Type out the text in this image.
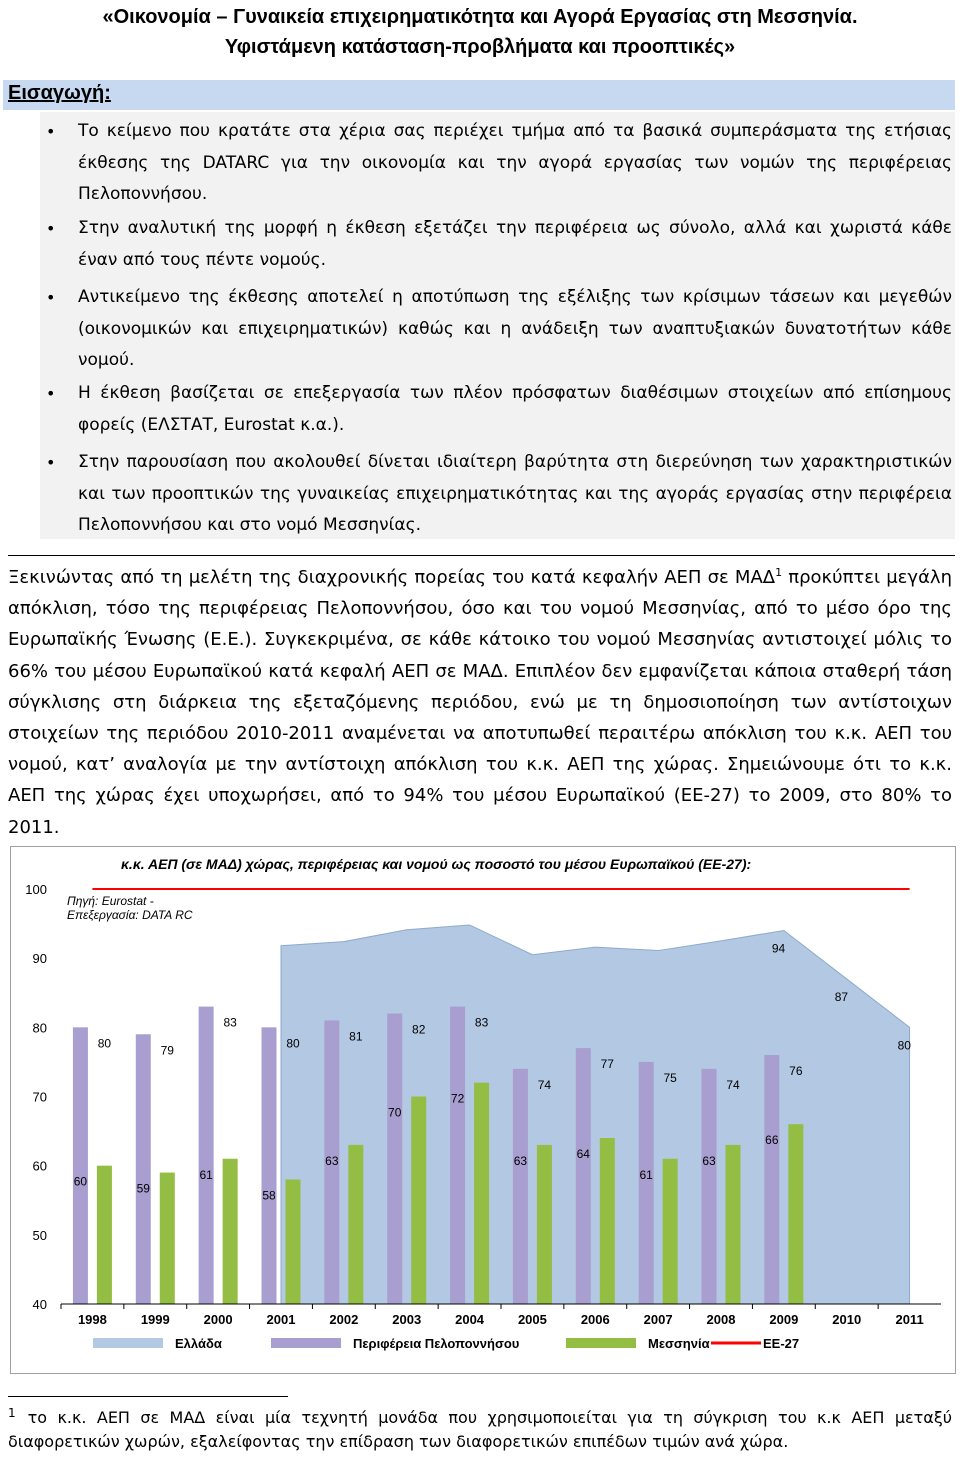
«Οικονομία – Γυναικεία επιχειρηματικότητα και Αγορά Εργασίας στη Μεσσηνία.
Υφιστάμενη κατάσταση-προβλήματα και προοπτικές»
Εισαγωγή:
• Το κείμενο που κρατάτε στα χέρια σας περιέχει τμήμα από τα βασικά συμπεράσματα της ετήσιας έκθεσης της DATARC για την οικονομία και την αγορά εργασίας των νομών της περιφέρειας Πελοποννήσου.
• Στην αναλυτική της μορφή η έκθεση εξετάζει την περιφέρεια ως σύνολο, αλλά και χωριστά κάθε έναν από τους πέντε νομούς.
• Αντικείμενο της έκθεσης αποτελεί η αποτύπωση της εξέλιξης των κρίσιμων τάσεων και μεγεθών (οικονομικών και επιχειρηματικών) καθώς και η ανάδειξη των αναπτυξιακών δυνατοτήτων κάθε νομού.
• Η έκθεση βασίζεται σε επεξεργασία των πλέον πρόσφατων διαθέσιμων στοιχείων από επίσημους φορείς (ΕΛΣΤΑΤ, Eurostat κ.α.).
• Στην παρουσίαση που ακολουθεί δίνεται ιδιαίτερη βαρύτητα στη διερεύνηση των χαρακτηριστικών και των προοπτικών της γυναικείας επιχειρηματικότητας και της αγοράς εργασίας στην περιφέρεια Πελοποννήσου και στο νομό Μεσσηνίας.
Ξεκινώντας από τη μελέτη της διαχρονικής πορείας του κατά κεφαλήν ΑΕΠ σε ΜΑΔ$^1$ προκύπτει μεγάλη απόκλιση, τόσο της περιφέρειας Πελοποννήσου, όσο και του νομού Μεσσηνίας, από το μέσο όρο της Ευρωπαϊκής Ένωσης (Ε.Ε.). Συγκεκριμένα, σε κάθε κάτοικο του νομού Μεσσηνίας αντιστοιχεί μόλις το 66% του μέσου Ευρωπαϊκού κατά κεφαλή ΑΕΠ σε ΜΑΔ. Επιπλέον δεν εμφανίζεται κάποια σταθερή τάση σύγκλισης στη διάρκεια της εξεταζόμενης περιόδου, ενώ με τη δημοσιοποίηση των αντίστοιχων στοιχείων της περιόδου 2010-2011 αναμένεται να αποτυπωθεί περαιτέρω απόκλιση του κ.κ. ΑΕΠ του νομού, κατ’ αναλογία με την αντίστοιχη απόκλιση του κ.κ. ΑΕΠ της χώρας. Σημειώνουμε ότι το κ.κ. ΑΕΠ της χώρας έχει υποχωρήσει, από το 94% του μέσου Ευρωπαϊκού (ΕΕ-27) το 2009, στο 80% το 2011.
40
50
60
70
80
90
100
1998	1999	2000	2001	2002	2003	2004	2005	2006	2007	2008	2009	2010	2011
94
87
80
80	79
83
80	81	82	83
74
77
75	74
76
60	59
61
58
63
70
72
63	64
61
63
66
Ελλάδα	Περιφέρεια Πελοποννήσου	Μεσσηνία	ΕΕ-27
κ.κ. ΑΕΠ (σε ΜΑΔ) χώρας, περιφέρειας και νομού ως ποσοστό του μέσου Ευρωπαϊκού (ΕΕ-27):
Πηγή: Eurostat -
Επεξεργασία: DATA RC
$^1$ το κ.κ. ΑΕΠ σε ΜΑΔ είναι μία τεχνητή μονάδα που χρησιμοποιείται για τη σύγκριση του κ.κ ΑΕΠ μεταξύ διαφορετικών χωρών, εξαλείφοντας την επίδραση των διαφορετικών επιπέδων τιμών ανά χώρα.
